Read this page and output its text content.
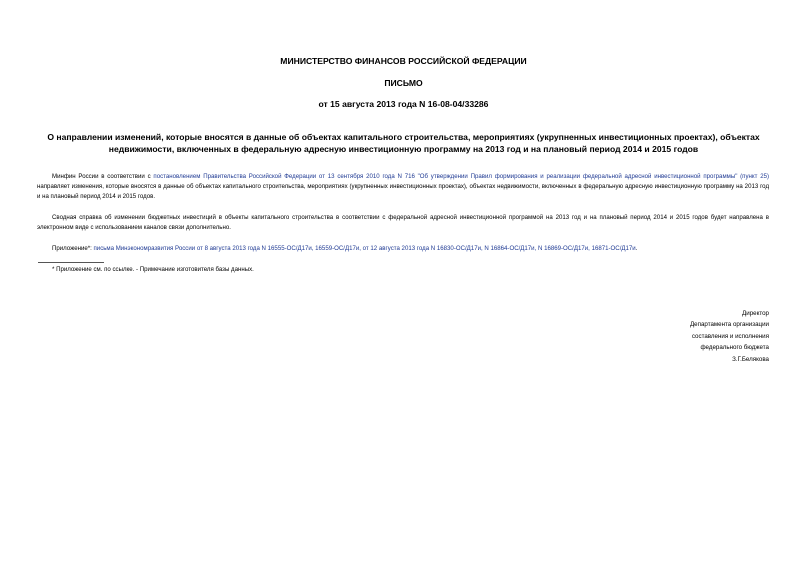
МИНИСТЕРСТВО ФИНАНСОВ РОССИЙСКОЙ ФЕДЕРАЦИИ
ПИСЬМО
от 15 августа 2013 года N 16-08-04/33286
О направлении изменений, которые вносятся в данные об объектах капитального строительства, мероприятиях (укрупненных инвестиционных проектах), объектах недвижимости, включенных в федеральную адресную инвестиционную программу на 2013 год и на плановый период 2014 и 2015 годов
Минфин России в соответствии с постановлением Правительства Российской Федерации от 13 сентября 2010 года N 716 "Об утверждении Правил формирования и реализации федеральной адресной инвестиционной программы" (пункт 25) направляет изменения, которые вносятся в данные об объектах капитального строительства, мероприятиях (укрупненных инвестиционных проектах), объектах недвижимости, включенных в федеральную адресную инвестиционную программу на 2013 год и на плановый период 2014 и 2015 годов.
Сводная справка об изменении бюджетных инвестиций в объекты капитального строительства в соответствии с федеральной адресной инвестиционной программой на 2013 год и на плановый период 2014 и 2015 годов будет направлена в электронном виде с использованием каналов связи дополнительно.
Приложение*: письма Минэкономразвития России от 8 августа 2013 года N 16555-ОС/Д17и, 16559-ОС/Д17и, от 12 августа 2013 года N 16830-ОС/Д17и, N 16864-ОС/Д17и, N 16869-ОС/Д17и, 16871-ОС/Д17и.
* Приложение см. по ссылке. - Примечание изготовителя базы данных.
Директор
Департамента организации
составления и исполнения
федерального бюджета
З.Г.Белякова
